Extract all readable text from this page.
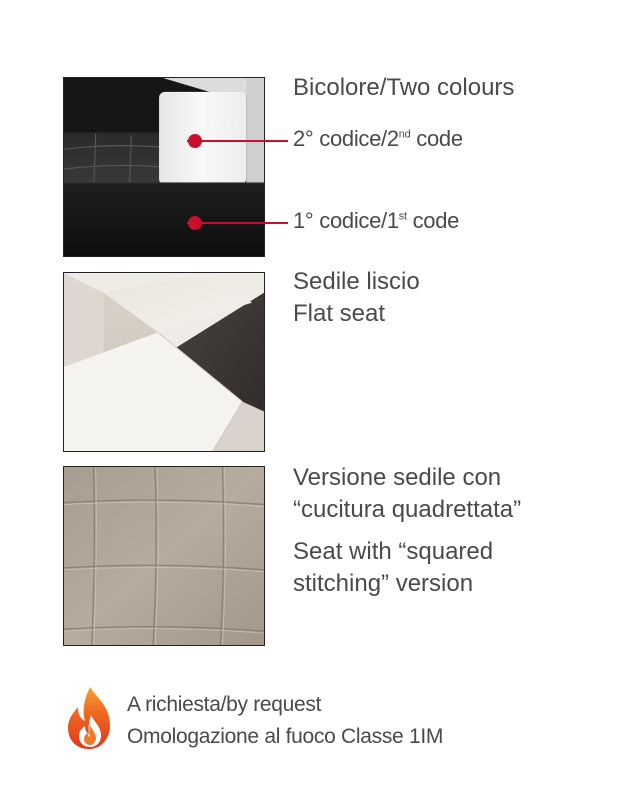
Bicolore/Two colours
2° codice/2nd code
1° codice/1st code
Sedile liscio
Flat seat
Versione sedile con
“cucitura quadrettata”
Seat with “squared
stitching” version
A richiesta/by request
Omologazione al fuoco Classe 1IM
